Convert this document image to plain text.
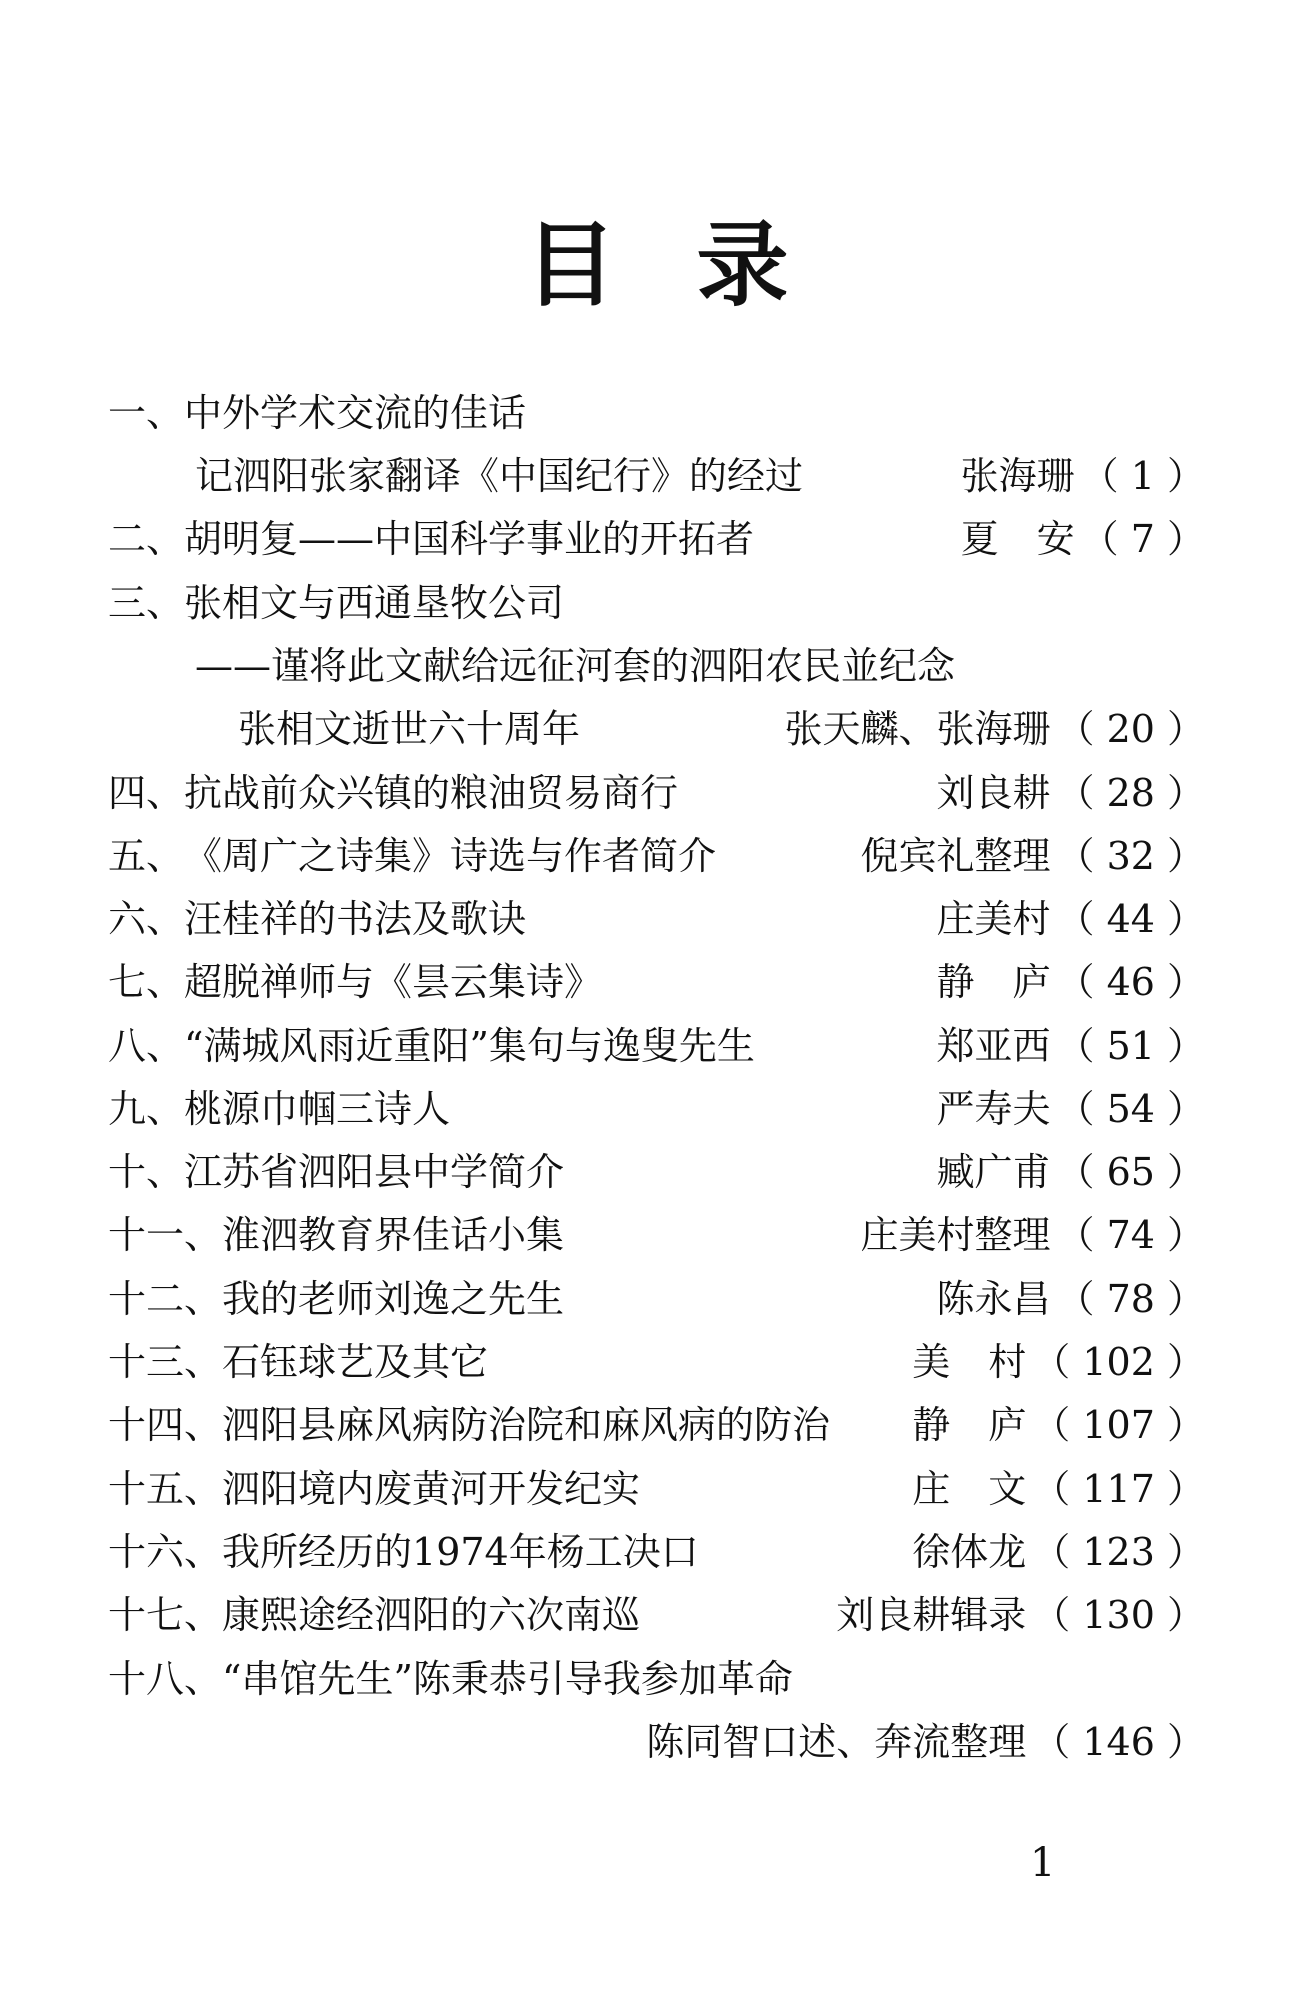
目录
一、 中外学术交流的佳话
记泗阳张家翻译《中国纪行》的经过	张海珊 （ 1 ）
二、 胡明复——中国科学事业的开拓者	夏　安 （ 7 ）
三、 张相文与西通垦牧公司
——谨将此文献给远征河套的泗阳农民並纪念
张相文逝世六十周年	张天麟、张海珊 （ 20 ）
四、 抗战前众兴镇的粮油贸易商行	刘良耕 （ 28 ）
五、 《周广之诗集》诗选与作者简介	倪宾礼整理 （ 32 ）
六、 汪桂祥的书法及歌诀	庄美村 （ 44 ）
七、 超脱禅师与《昙云集诗》	静　庐 （ 46 ）
八、 “满城风雨近重阳”集句与逸叟先生	郑亚西 （ 51 ）
九、 桃源巾帼三诗人	严寿夫 （ 54 ）
十、 江苏省泗阳县中学简介	臧广甫 （ 65 ）
十一、 淮泗教育界佳话小集	庄美村整理 （ 74 ）
十二、 我的老师刘逸之先生	陈永昌 （ 78 ）
十三、 石钰球艺及其它	美　村 （ 102 ）
十四、 泗阳县麻风病防治院和麻风病的防治 静　庐 （ 107 ）
十五、 泗阳境内废黄河开发纪实	庄　文 （ 117 ）
十六、 我所经历的1974年杨工决口	徐体龙 （ 123 ）
十七、 康熙途经泗阳的六次南巡	刘良耕辑录 （ 130 ）
十八、 “串馆先生”陈秉恭引导我参加革命
陈同智口述、奔流整理 （ 146 ）
1
